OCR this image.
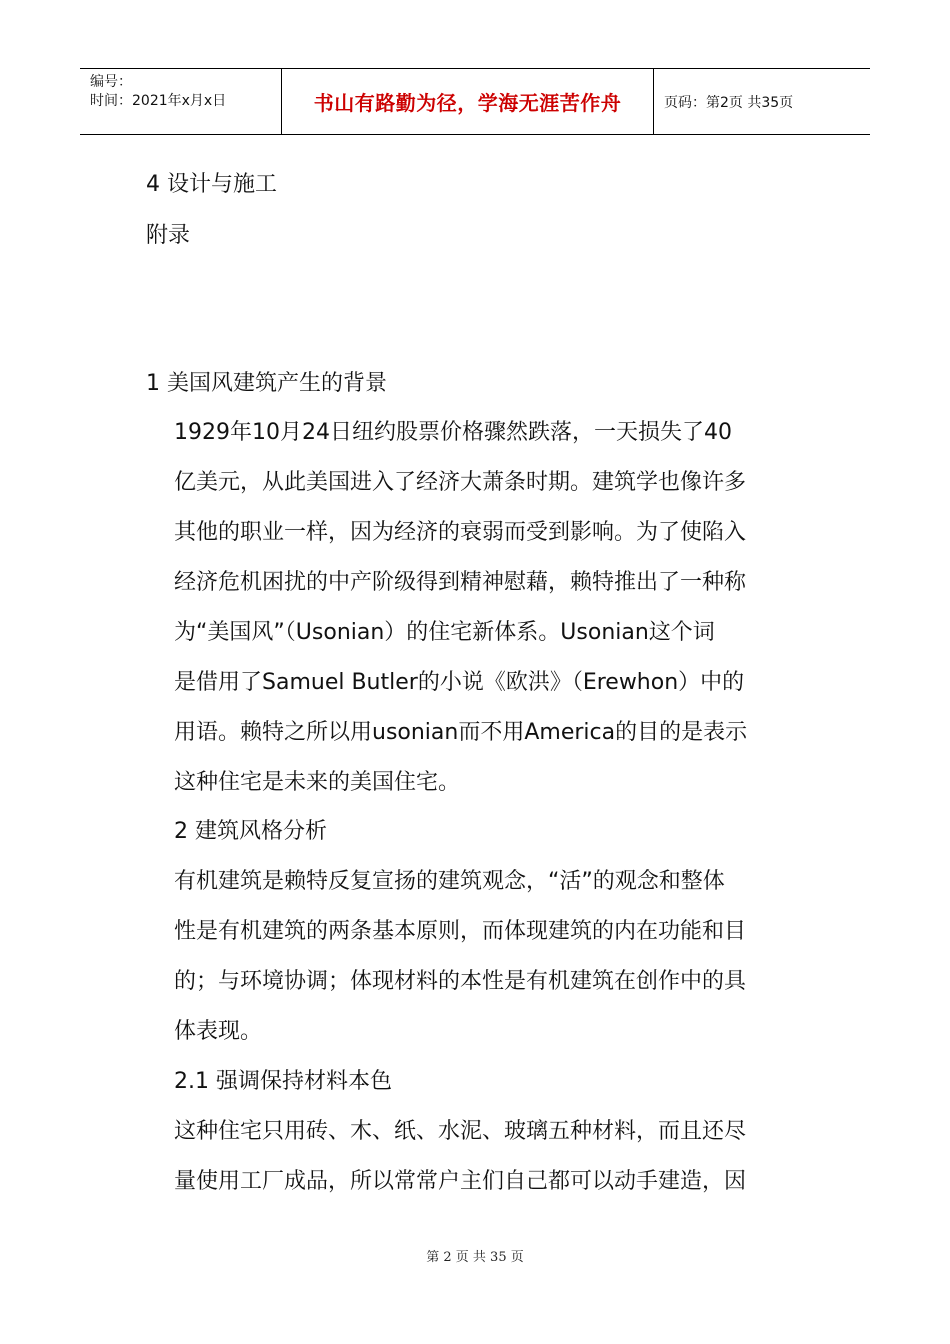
编号：
时间：2021年x月x日	书山有路勤为径，学海无涯苦作舟	页码：第2页 共35页
4 设计与施工
附录
1 美国风建筑产生的背景
1929年10月24日纽约股票价格骤然跌落，一天损失了40
亿美元，从此美国进入了经济大萧条时期。建筑学也像许多
其他的职业一样，因为经济的衰弱而受到影响。为了使陷入
经济危机困扰的中产阶级得到精神慰藉，赖特推出了一种称
为“美国风”（Usonian）的住宅新体系。Usonian这个词
是借用了Samuel Butler的小说《欧洪》（Erewhon）中的
用语。赖特之所以用usonian而不用America的目的是表示
这种住宅是未来的美国住宅。
2 建筑风格分析
有机建筑是赖特反复宣扬的建筑观念，“活”的观念和整体
性是有机建筑的两条基本原则，而体现建筑的内在功能和目
的；与环境协调；体现材料的本性是有机建筑在创作中的具
体表现。
2.1 强调保持材料本色
这种住宅只用砖、木、纸、水泥、玻璃五种材料，而且还尽
量使用工厂成品，所以常常户主们自己都可以动手建造，因
第 2 页 共 35 页
